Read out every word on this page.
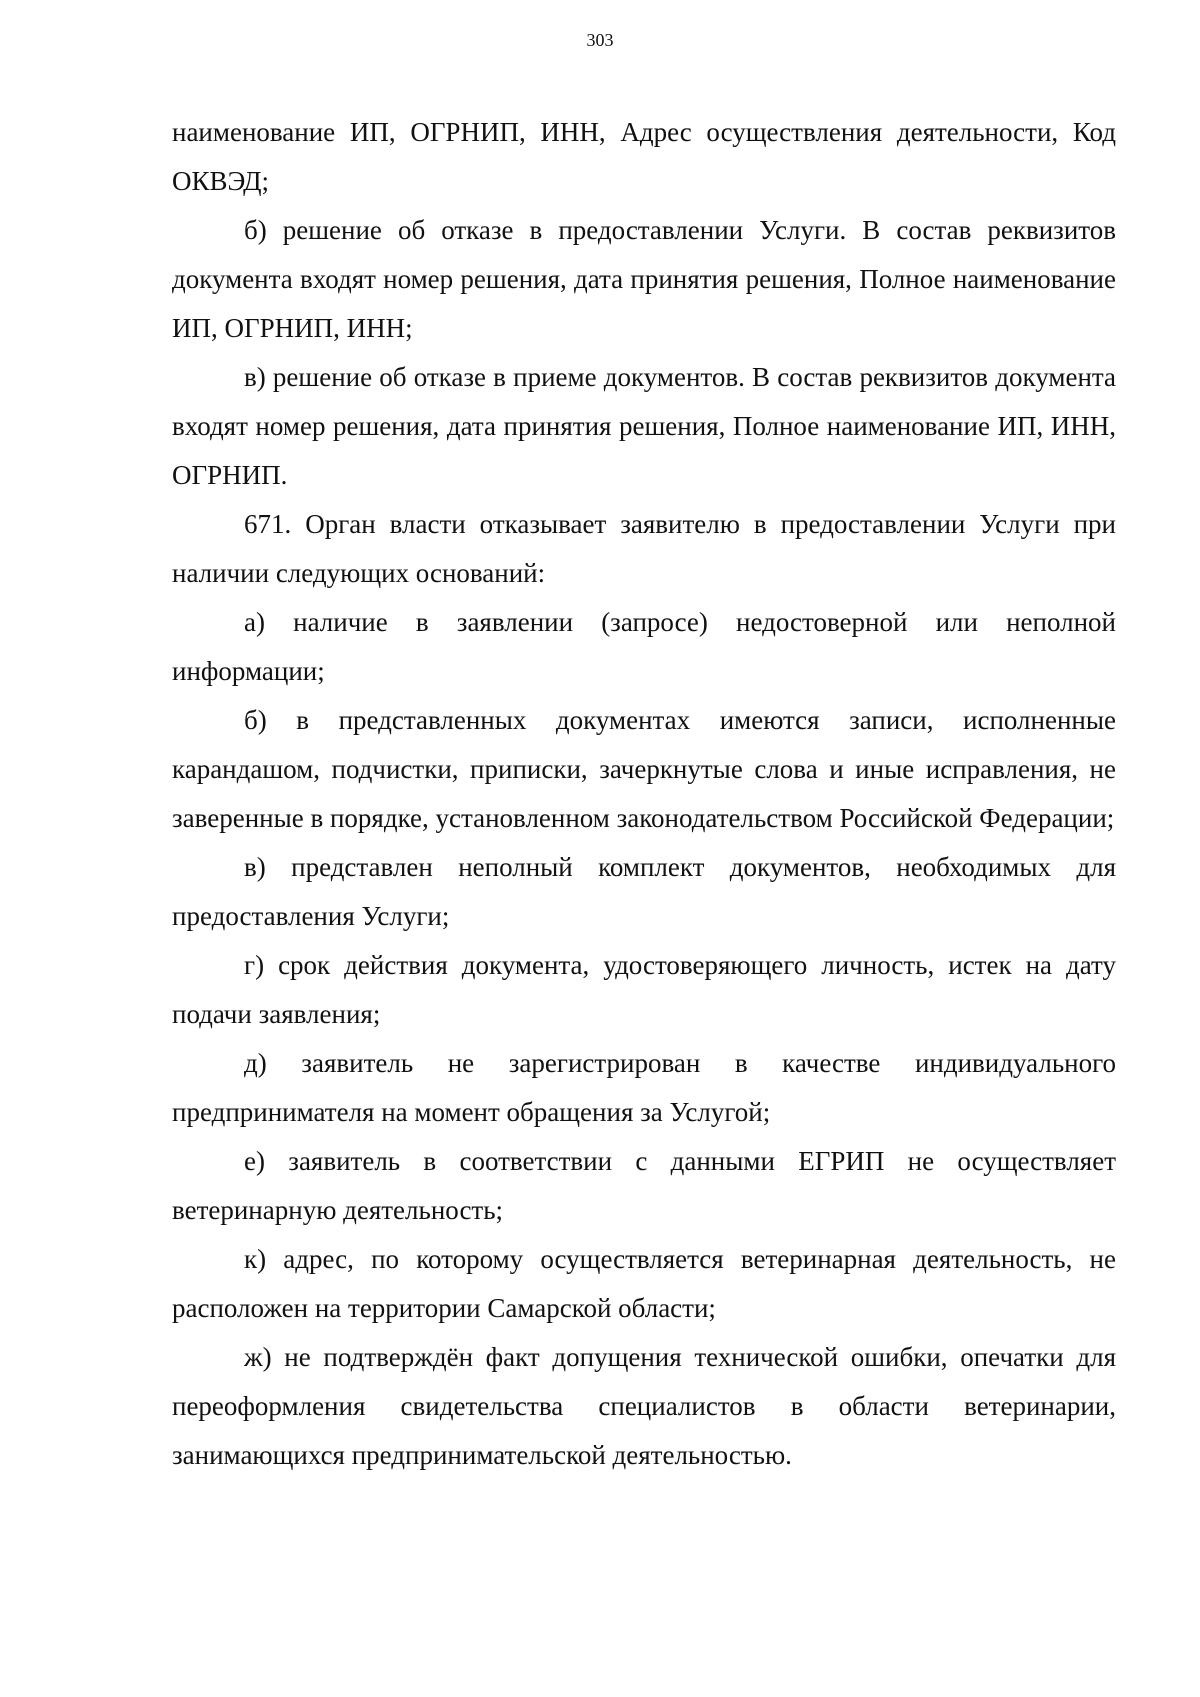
303

наименование ИП, ОГРНИП, ИНН, Адрес осуществления деятельности, Код ОКВЭД;

б) решение об отказе в предоставлении Услуги. В состав реквизитов документа входят номер решения, дата принятия решения, Полное наименование ИП, ОГРНИП, ИНН;

в) решение об отказе в приеме документов. В состав реквизитов документа входят номер решения, дата принятия решения, Полное наименование ИП, ИНН, ОГРНИП.

671. Орган власти отказывает заявителю в предоставлении Услуги при наличии следующих оснований:

а) наличие в заявлении (запросе) недостоверной или неполной информации;

б) в представленных документах имеются записи, исполненные карандашом, подчистки, приписки, зачеркнутые слова и иные исправления, не заверенные в порядке, установленном законодательством Российской Федерации;

в) представлен неполный комплект документов, необходимых для предоставления Услуги;

г) срок действия документа, удостоверяющего личность, истек на дату подачи заявления;

д) заявитель не зарегистрирован в качестве индивидуального предпринимателя на момент обращения за Услугой;

е) заявитель в соответствии с данными ЕГРИП не осуществляет ветеринарную деятельность;

к) адрес, по которому осуществляется ветеринарная деятельность, не расположен на территории Самарской области;

ж) не подтверждён факт допущения технической ошибки, опечатки для переоформления свидетельства специалистов в области ветеринарии, занимающихся предпринимательской деятельностью.
